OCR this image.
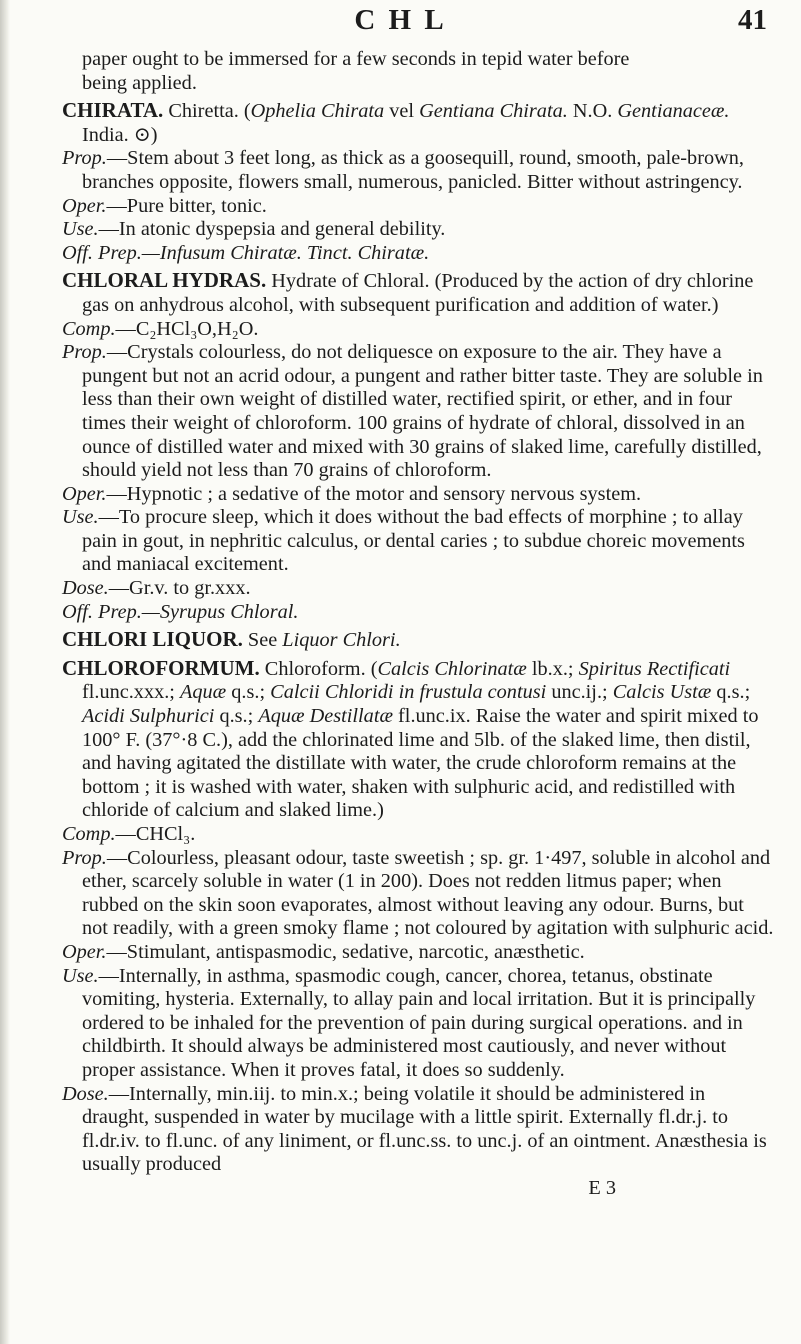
C H L	41

paper ought to be immersed for a few seconds in tepid water before

being applied.

CHIRATA. Chiretta. (Ophelia Chirata vel Gentiana Chirata. N.O. Gentianaceæ. India. ⊙)

Prop.—Stem about 3 feet long, as thick as a goosequill, round, smooth, pale-brown, branches opposite, flowers small, numerous, panicled. Bitter without astringency.

Oper.—Pure bitter, tonic.

Use.—In atonic dyspepsia and general debility.

Off. Prep.—Infusum Chiratæ. Tinct. Chiratæ.

CHLORAL HYDRAS. Hydrate of Chloral. (Produced by the action of dry chlorine gas on anhydrous alcohol, with subsequent purification and addition of water.)

Comp.—C₂HCl₃O,H₂O.

Prop.—Crystals colourless, do not deliquesce on exposure to the air. They have a pungent but not an acrid odour, a pungent and rather bitter taste. They are soluble in less than their own weight of distilled water, rectified spirit, or ether, and in four times their weight of chloroform. 100 grains of hydrate of chloral, dissolved in an ounce of distilled water and mixed with 30 grains of slaked lime, carefully distilled, should yield not less than 70 grains of chloroform.

Oper.—Hypnotic ; a sedative of the motor and sensory nervous system.

Use.—To procure sleep, which it does without the bad effects of morphine ; to allay pain in gout, in nephritic calculus, or dental caries ; to subdue choreic movements and maniacal excitement.

Dose.—Gr.v. to gr.xxx.

Off. Prep.—Syrupus Chloral.

CHLORI LIQUOR. See Liquor Chlori.

CHLOROFORMUM. Chloroform. (Calcis Chlorinatæ lb.x.; Spiritus Rectificati fl.unc.xxx.; Aquæ q.s.; Calcii Chloridi in frustula contusi unc.ij.; Calcis Ustæ q.s.; Acidi Sulphurici q.s.; Aquæ Destillatæ fl.unc.ix. Raise the water and spirit mixed to 100° F. (37°·8 C.), add the chlorinated lime and 5lb. of the slaked lime, then distil, and having agitated the distillate with water, the crude chloroform remains at the bottom ; it is washed with water, shaken with sulphuric acid, and redistilled with chloride of calcium and slaked lime.)

Comp.—CHCl₃.

Prop.—Colourless, pleasant odour, taste sweetish ; sp. gr. 1·497, soluble in alcohol and ether, scarcely soluble in water (1 in 200). Does not redden litmus paper; when rubbed on the skin soon evaporates, almost without leaving any odour. Burns, but not readily, with a green smoky flame ; not coloured by agitation with sulphuric acid.

Oper.—Stimulant, antispasmodic, sedative, narcotic, anæsthetic.

Use.—Internally, in asthma, spasmodic cough, cancer, chorea, tetanus, obstinate vomiting, hysteria. Externally, to allay pain and local irritation. But it is principally ordered to be inhaled for the prevention of pain during surgical operations. and in childbirth. It should always be administered most cautiously, and never without proper assistance. When it proves fatal, it does so suddenly.

Dose.—Internally, min.iij. to min.x.; being volatile it should be administered in draught, suspended in water by mucilage with a little spirit. Externally fl.dr.j. to fl.dr.iv. to fl.unc. of any liniment, or fl.unc.ss. to unc.j. of an ointment. Anæsthesia is usually produced

E 3
